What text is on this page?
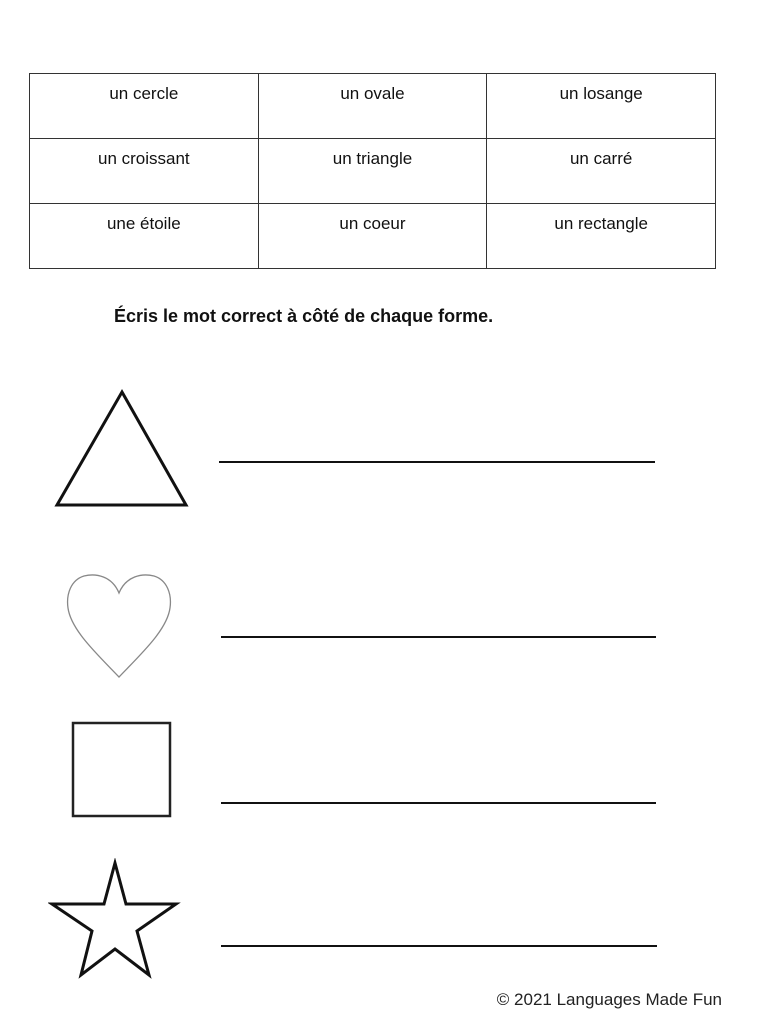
un cercle	un ovale	un losange
un croissant	un triangle	un carré
une étoile	un coeur	un rectangle
Écris le mot correct à côté de chaque forme.
© 2021 Languages Made Fun
